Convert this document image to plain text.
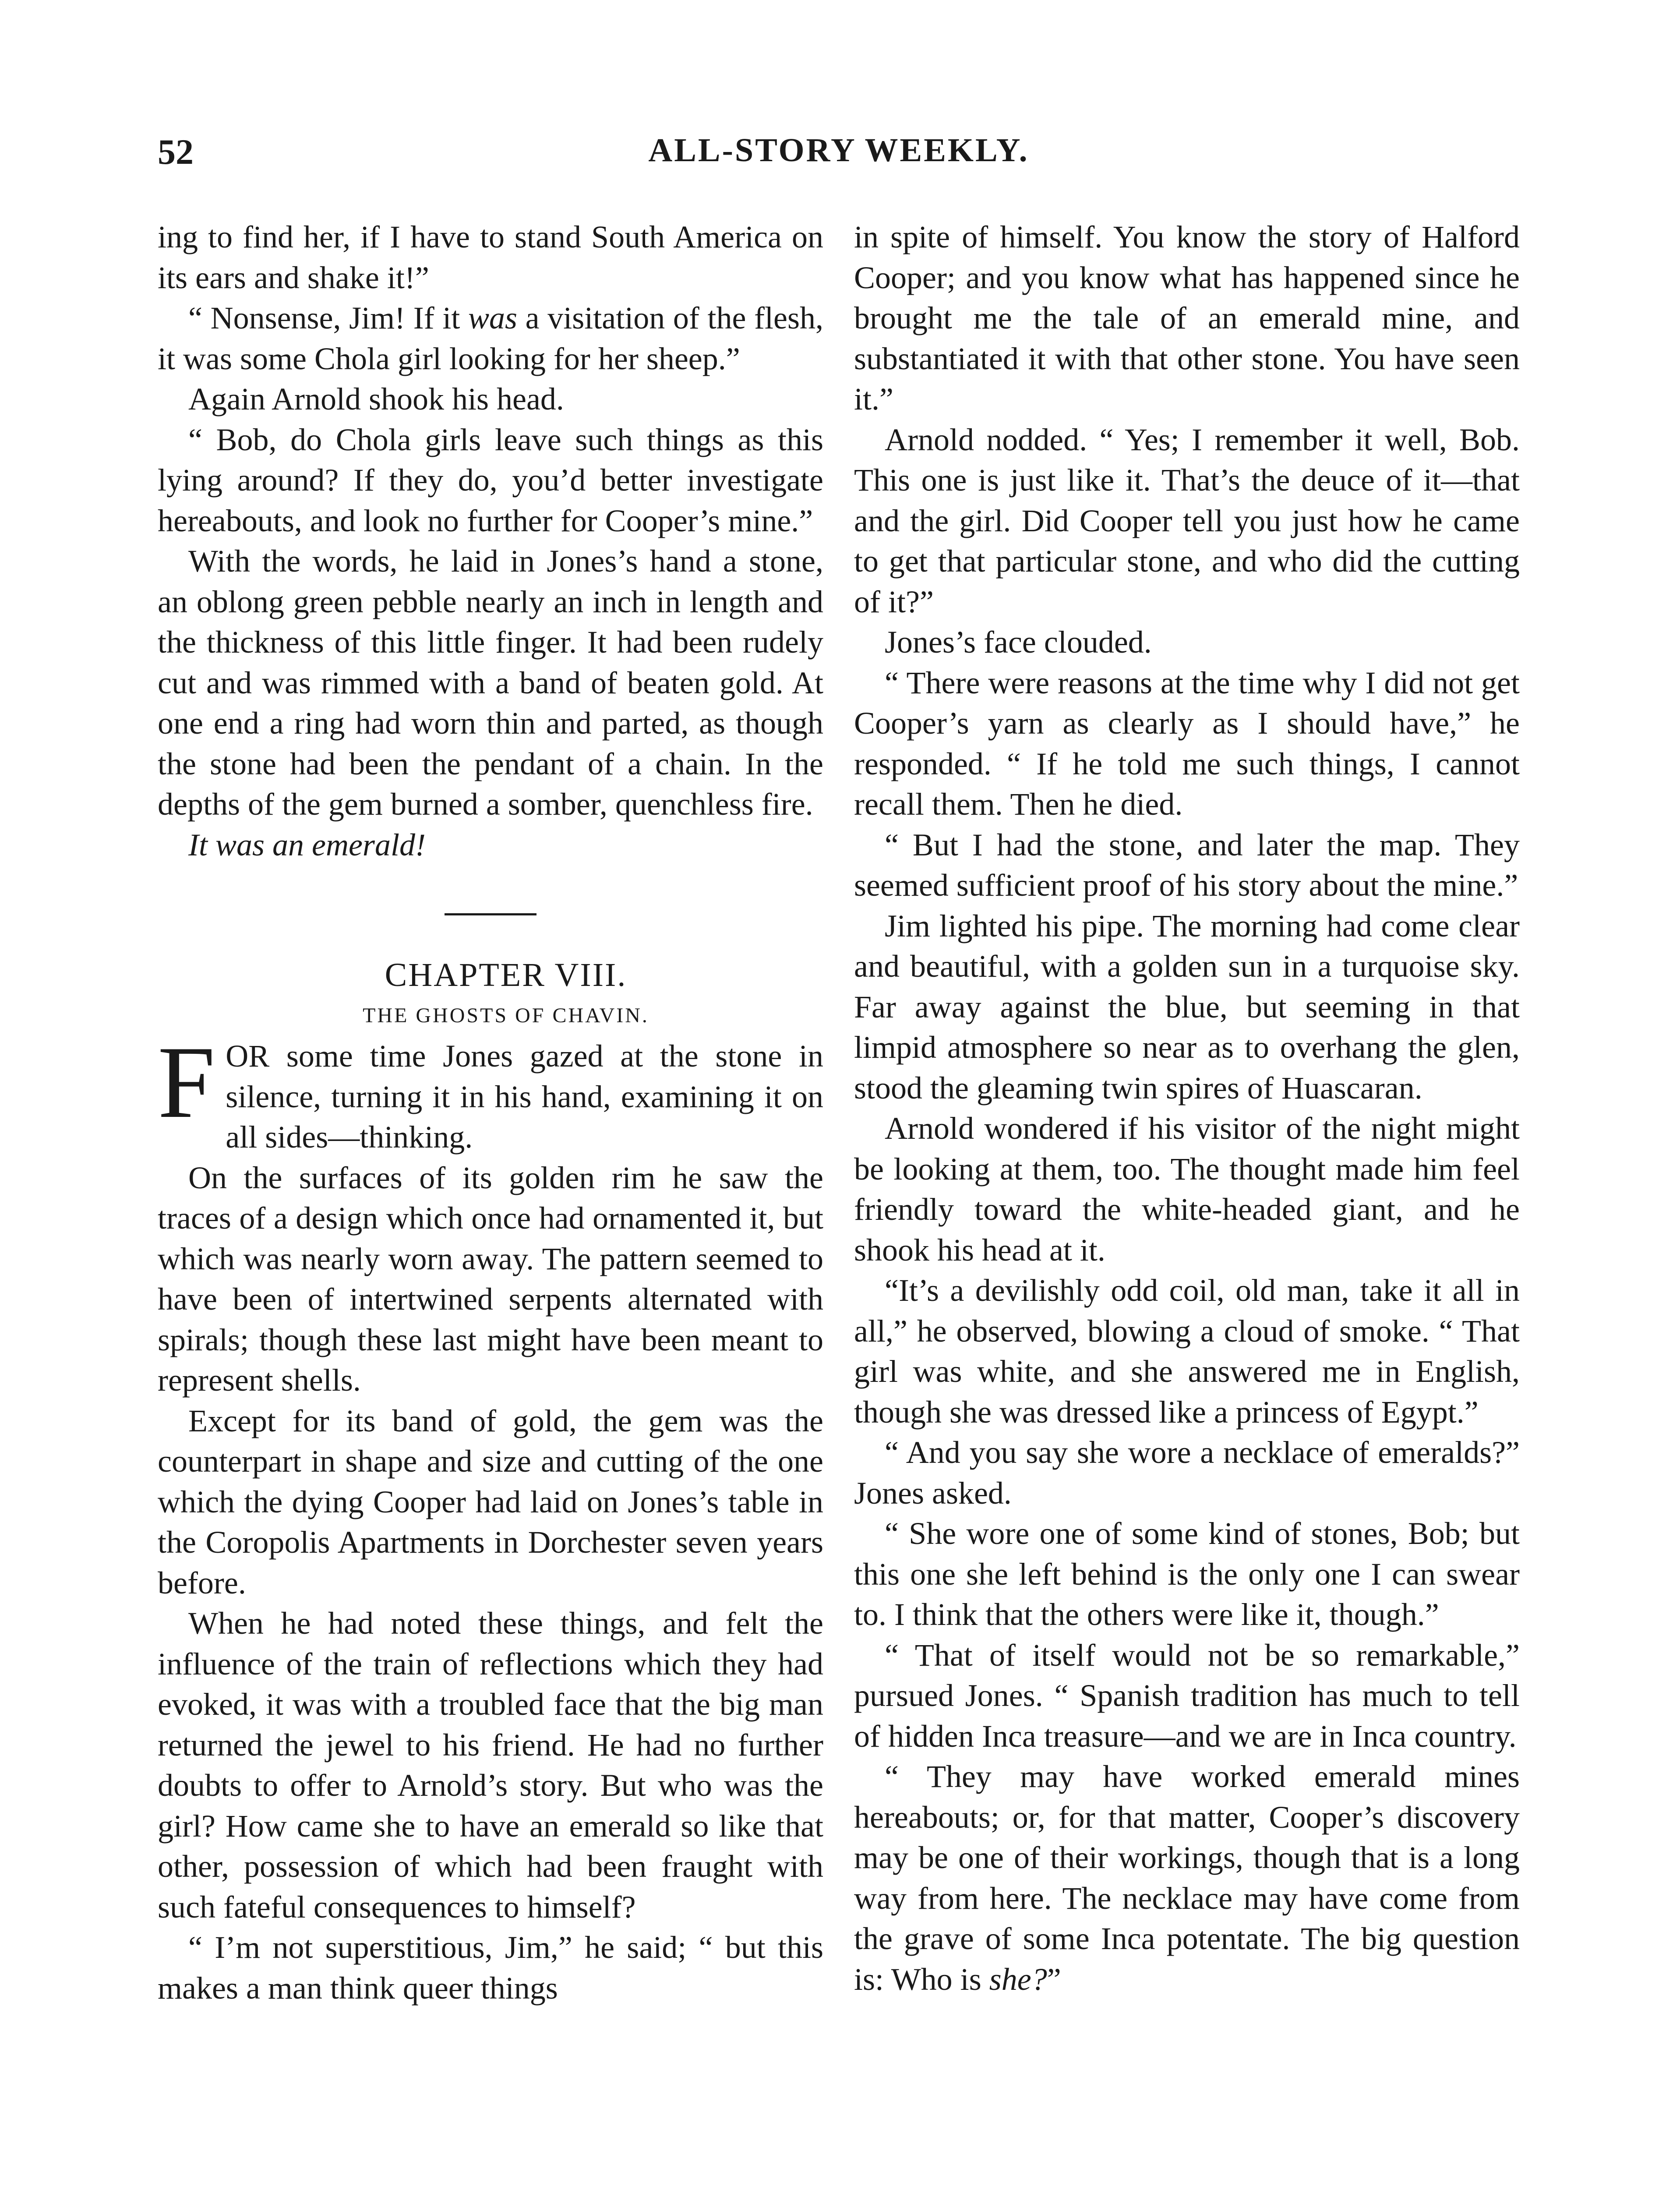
52	ALL-STORY WEEKLY.

ing to find her, if I have to stand South America on its ears and shake it!”

“ Nonsense, Jim! If it was a visitation of the flesh, it was some Chola girl looking for her sheep.”

Again Arnold shook his head.

“ Bob, do Chola girls leave such things as this lying around? If they do, you’d better investigate hereabouts, and look no further for Cooper’s mine.”

With the words, he laid in Jones’s hand a stone, an oblong green pebble nearly an inch in length and the thickness of this little finger. It had been rudely cut and was rimmed with a band of beaten gold. At one end a ring had worn thin and parted, as though the stone had been the pendant of a chain. In the depths of the gem burned a somber, quenchless fire.

It was an emerald!

CHAPTER VIII.

THE GHOSTS OF CHAVIN.

FOR some time Jones gazed at the stone in silence, turning it in his hand, examining it on all sides—thinking.

On the surfaces of its golden rim he saw the traces of a design which once had ornamented it, but which was nearly worn away. The pattern seemed to have been of intertwined serpents alternated with spirals; though these last might have been meant to represent shells.

Except for its band of gold, the gem was the counterpart in shape and size and cutting of the one which the dying Cooper had laid on Jones’s table in the Coropolis Apartments in Dorchester seven years before.

When he had noted these things, and felt the influence of the train of reflections which they had evoked, it was with a troubled face that the big man returned the jewel to his friend. He had no further doubts to offer to Arnold’s story. But who was the girl? How came she to have an emerald so like that other, possession of which had been fraught with such fateful consequences to himself?

“ I’m not superstitious, Jim,” he said; “ but this makes a man think queer things

in spite of himself. You know the story of Halford Cooper; and you know what has happened since he brought me the tale of an emerald mine, and substantiated it with that other stone. You have seen it.”

Arnold nodded. “ Yes; I remember it well, Bob. This one is just like it. That’s the deuce of it—that and the girl. Did Cooper tell you just how he came to get that particular stone, and who did the cutting of it?”

Jones’s face clouded.

“ There were reasons at the time why I did not get Cooper’s yarn as clearly as I should have,” he responded. “ If he told me such things, I cannot recall them. Then he died.

“ But I had the stone, and later the map. They seemed sufficient proof of his story about the mine.”

Jim lighted his pipe. The morning had come clear and beautiful, with a golden sun in a turquoise sky. Far away against the blue, but seeming in that limpid atmosphere so near as to overhang the glen, stood the gleaming twin spires of Huascaran.

Arnold wondered if his visitor of the night might be looking at them, too. The thought made him feel friendly toward the white-headed giant, and he shook his head at it.

“It’s a devilishly odd coil, old man, take it all in all,” he observed, blowing a cloud of smoke. “ That girl was white, and she answered me in English, though she was dressed like a princess of Egypt.”

“ And you say she wore a necklace of emeralds?” Jones asked.

“ She wore one of some kind of stones, Bob; but this one she left behind is the only one I can swear to. I think that the others were like it, though.”

“ That of itself would not be so remarkable,” pursued Jones. “ Spanish tradition has much to tell of hidden Inca treasure—and we are in Inca country.

“ They may have worked emerald mines hereabouts; or, for that matter, Cooper’s discovery may be one of their workings, though that is a long way from here. The necklace may have come from the grave of some Inca potentate. The big question is: Who is she?”
